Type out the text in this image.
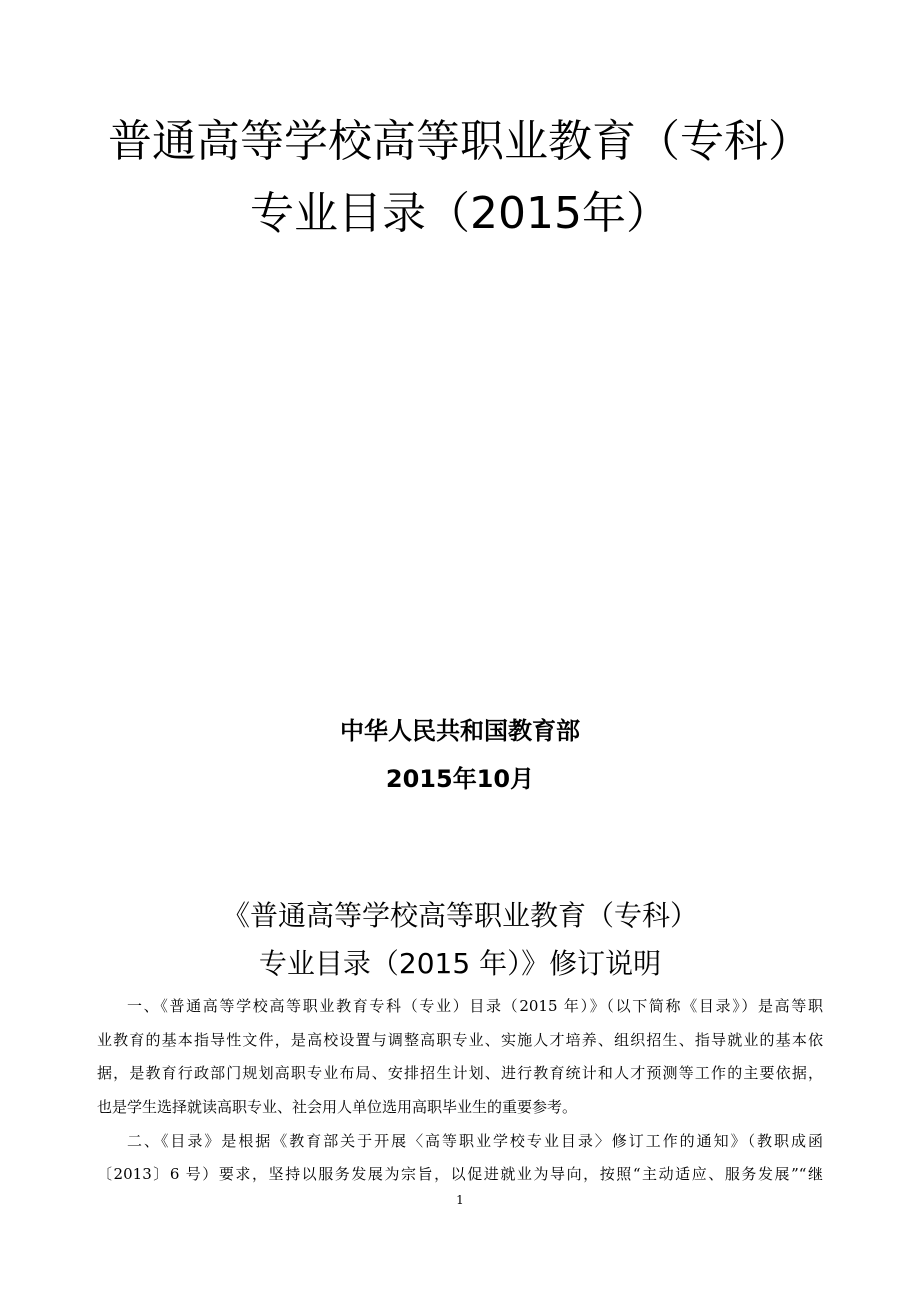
普通高等学校高等职业教育（专科）
专业目录（2015年）
中华人民共和国教育部
2015年10月
《普通高等学校高等职业教育（专科）
专业目录（2015 年）》修订说明

一、《普通高等学校高等职业教育专科（专业）目录（2015 年）》（以下简称《目录》）是高等职
业教育的基本指导性文件，是高校设置与调整高职专业、实施人才培养、组织招生、指导就业的基本依
据，是教育行政部门规划高职专业布局、安排招生计划、进行教育统计和人才预测等工作的主要依据，
也是学生选择就读高职专业、社会用人单位选用高职毕业生的重要参考。

二、《目录》是根据《教育部关于开展〈高等职业学校专业目录〉修订工作的通知》（教职成函
〔2013〕6 号）要求，坚持以服务发展为宗旨，以促进就业为导向，按照“主动适应、服务发展”“继

1
